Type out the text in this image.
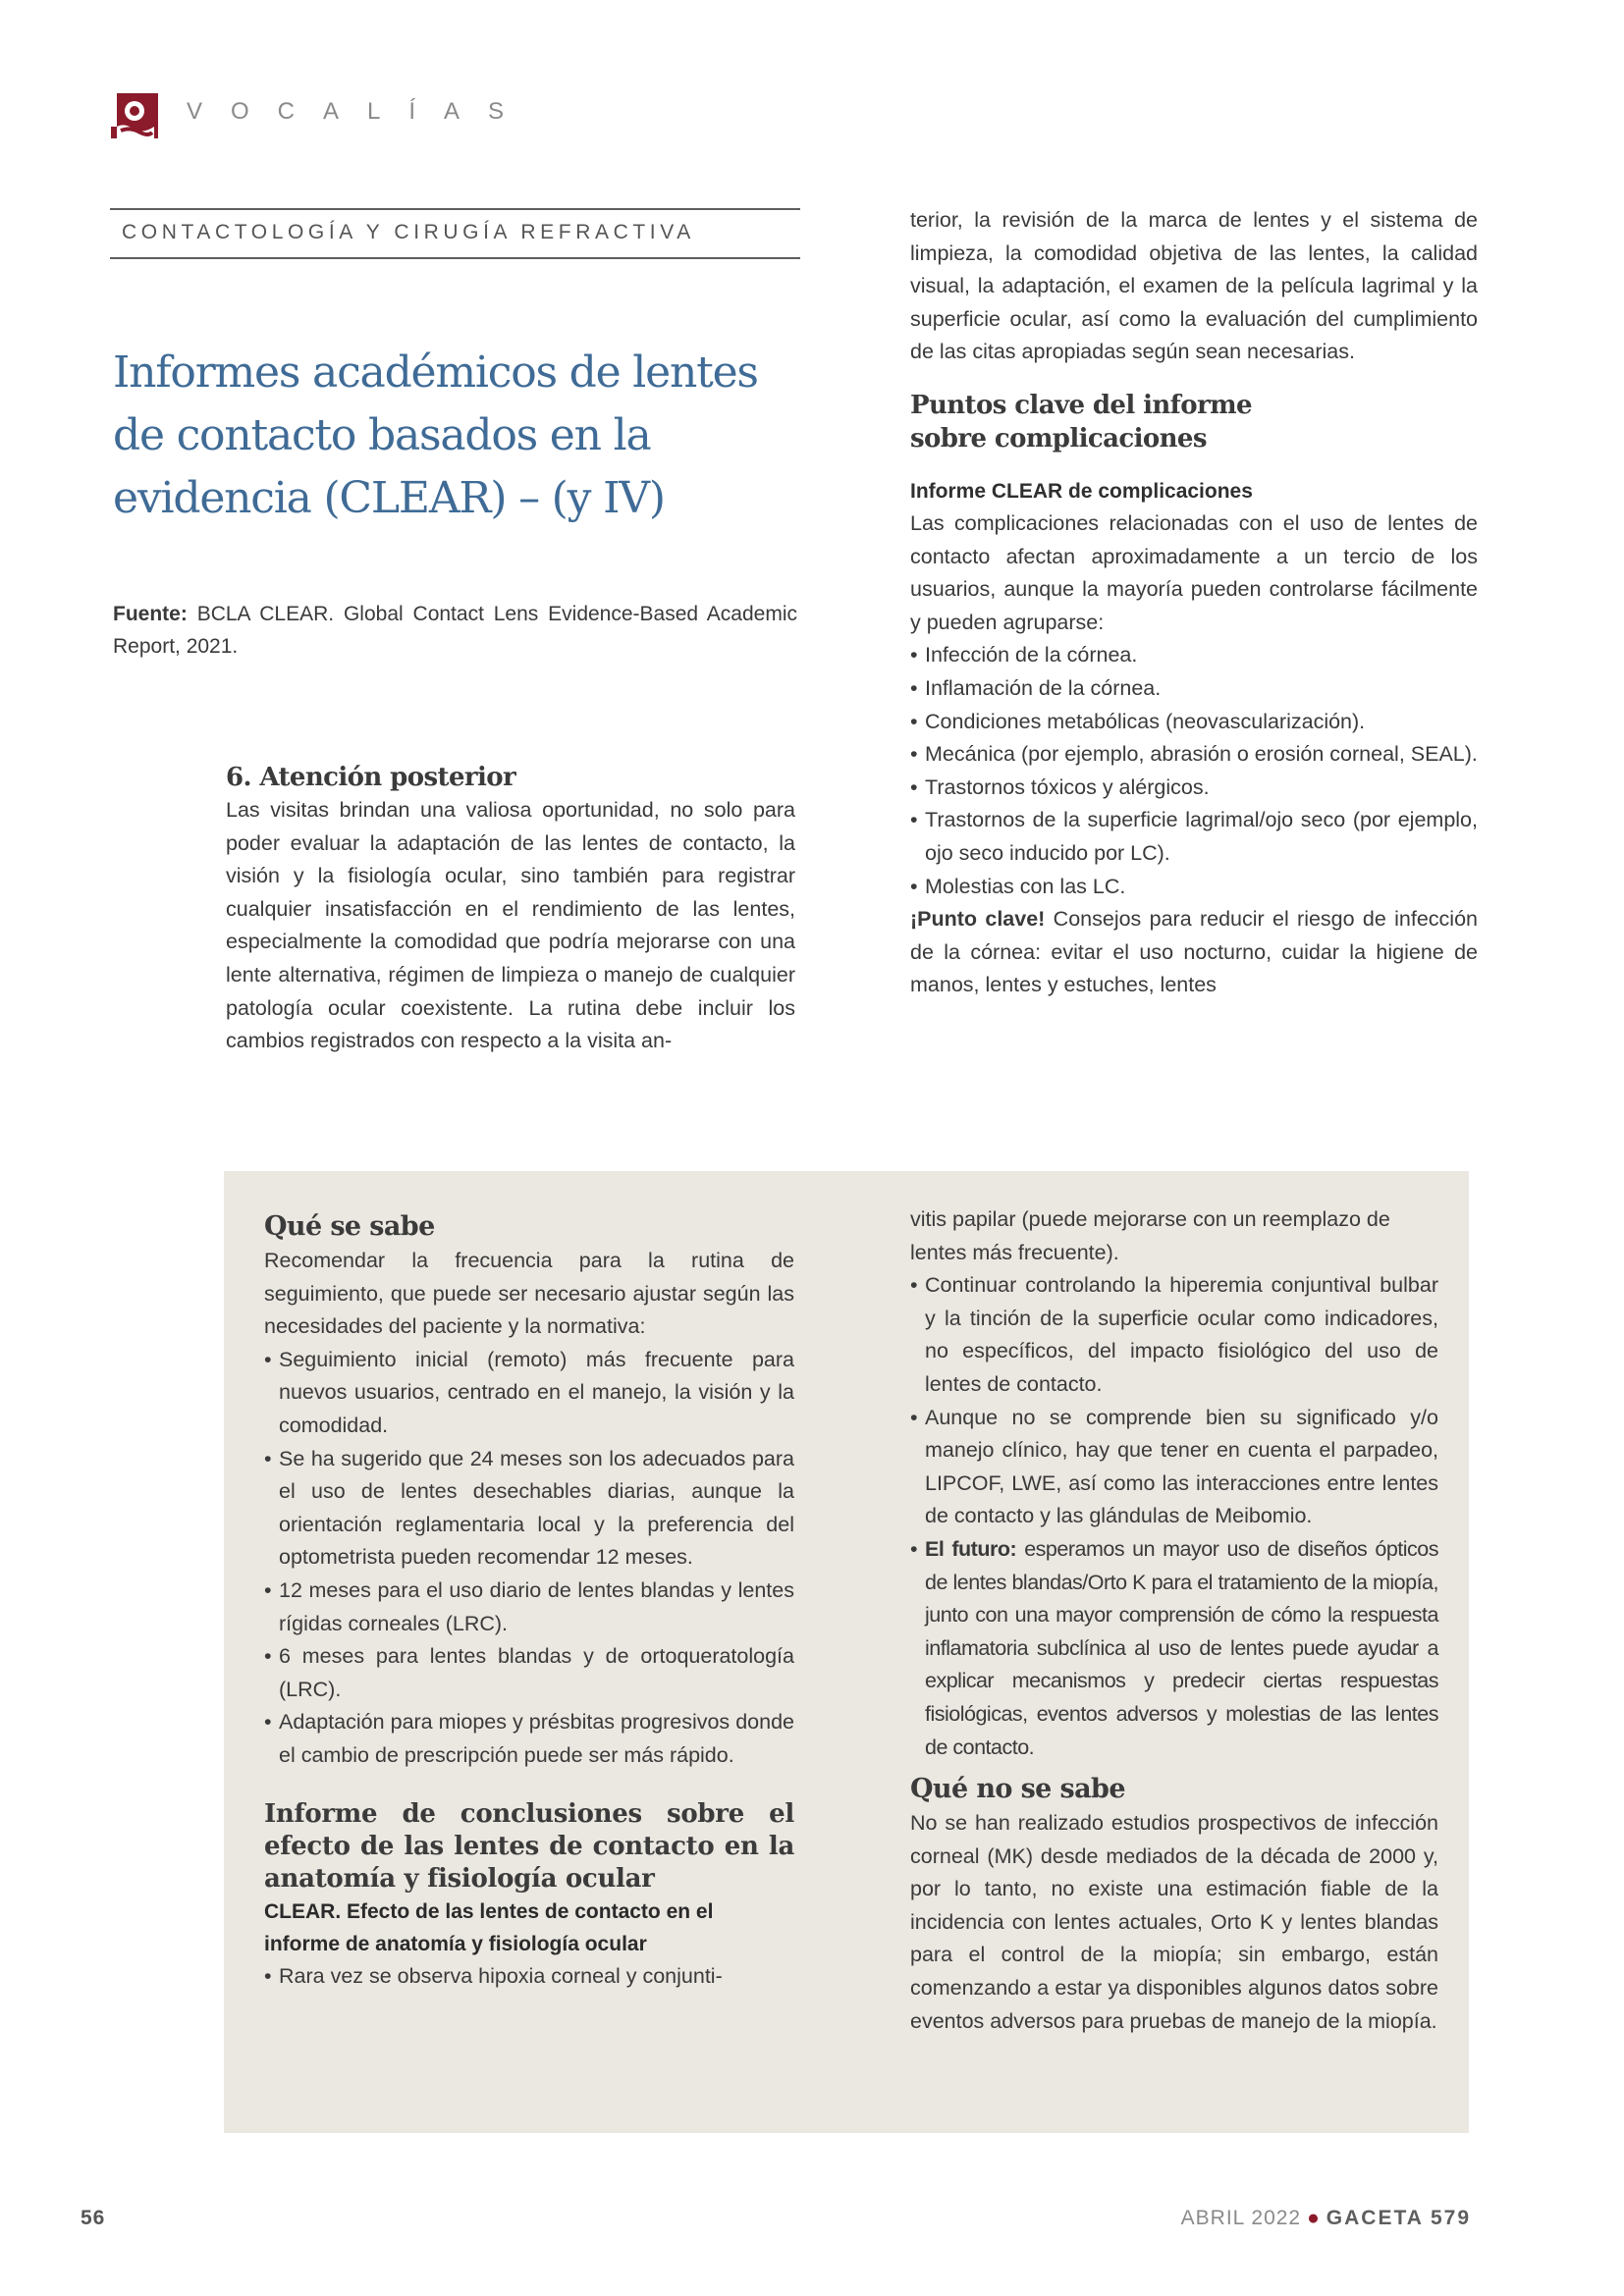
VOCALÍAS
CONTACTOLOGÍA Y CIRUGÍA REFRACTIVA
Informes académicos de lentes de contacto basados en la evidencia (CLEAR) – (y IV)
Fuente: BCLA CLEAR. Global Contact Lens Evidence-Based Academic Report, 2021.
6. Atención posterior

Las visitas brindan una valiosa oportunidad, no solo para poder evaluar la adaptación de las lentes de contacto, la visión y la fisiología ocular, sino también para registrar cualquier insatisfacción en el rendimiento de las lentes, especialmente la comodidad que podría mejorarse con una lente alternativa, régimen de limpieza o manejo de cualquier patología ocular coexistente. La rutina debe incluir los cambios registrados con respecto a la visita an-

terior, la revisión de la marca de lentes y el sistema de limpieza, la comodidad objetiva de las lentes, la calidad visual, la adaptación, el examen de la película lagrimal y la superficie ocular, así como la evaluación del cumplimiento de las citas apropiadas según sean necesarias.

Puntos clave del informe sobre complicaciones
Informe CLEAR de complicaciones

Las complicaciones relacionadas con el uso de lentes de contacto afectan aproximadamente a un tercio de los usuarios, aunque la mayoría pueden controlarse fácilmente y pueden agruparse:

• Infección de la córnea.
• Inflamación de la córnea.
• Condiciones metabólicas (neovascularización).
• Mecánica (por ejemplo, abrasión o erosión corneal, SEAL).
• Trastornos tóxicos y alérgicos.
• Trastornos de la superficie lagrimal/ojo seco (por ejemplo, ojo seco inducido por LC).
• Molestias con las LC.

¡Punto clave! Consejos para reducir el riesgo de infección de la córnea: evitar el uso nocturno, cuidar la higiene de manos, lentes y estuches, lentes

Qué se sabe

Recomendar la frecuencia para la rutina de seguimiento, que puede ser necesario ajustar según las necesidades del paciente y la normativa:

• Seguimiento inicial (remoto) más frecuente para nuevos usuarios, centrado en el manejo, la visión y la comodidad.
• Se ha sugerido que 24 meses son los adecuados para el uso de lentes desechables diarias, aunque la orientación reglamentaria local y la preferencia del optometrista pueden recomendar 12 meses.
• 12 meses para el uso diario de lentes blandas y lentes rígidas corneales (LRC).
• 6 meses para lentes blandas y de ortoqueratología (LRC).
• Adaptación para miopes y présbitas progresivos donde el cambio de prescripción puede ser más rápido.
Informe de conclusiones sobre el efecto de las lentes de contacto en la anatomía y fisiología ocular
CLEAR. Efecto de las lentes de contacto en el informe de anatomía y fisiología ocular
• Rara vez se observa hipoxia corneal y conjunti-

vitis papilar (puede mejorarse con un reemplazo de lentes más frecuente).

• Continuar controlando la hiperemia conjuntival bulbar y la tinción de la superficie ocular como indicadores, no específicos, del impacto fisiológico del uso de lentes de contacto.
• Aunque no se comprende bien su significado y/o manejo clínico, hay que tener en cuenta el parpadeo, LIPCOF, LWE, así como las interacciones entre lentes de contacto y las glándulas de Meibomio.
• El futuro: esperamos un mayor uso de diseños ópticos de lentes blandas/Orto K para el tratamiento de la miopía, junto con una mayor comprensión de cómo la respuesta inflamatoria subclínica al uso de lentes puede ayudar a explicar mecanismos y predecir ciertas respuestas fisiológicas, eventos adversos y molestias de las lentes de contacto.
Qué no se sabe

No se han realizado estudios prospectivos de infección corneal (MK) desde mediados de la década de 2000 y, por lo tanto, no existe una estimación fiable de la incidencia con lentes actuales, Orto K y lentes blandas para el control de la miopía; sin embargo, están comenzando a estar ya disponibles algunos datos sobre eventos adversos para pruebas de manejo de la miopía.

56	ABRIL 2022 ● GACETA 579
